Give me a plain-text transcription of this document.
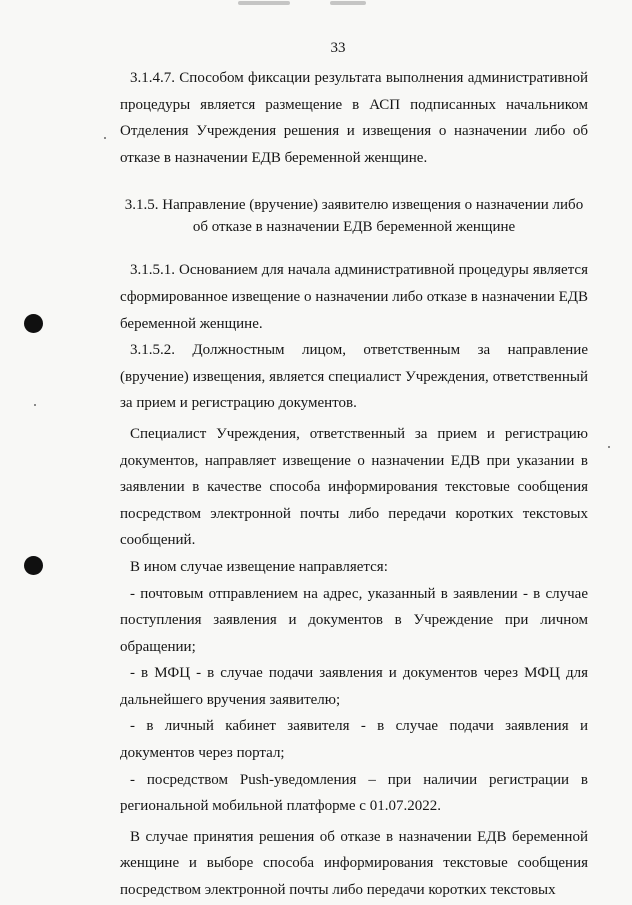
33

3.1.4.7. Способом фиксации результата выполнения административной процедуры является размещение в АСП подписанных начальником Отделения Учреждения решения и извещения о назначении либо об отказе в назначении ЕДВ беременной женщине.

3.1.5. Направление (вручение) заявителю извещения о назначении либо
об отказе в назначении ЕДВ беременной женщине

3.1.5.1. Основанием для начала административной процедуры является сформированное извещение о назначении либо отказе в назначении ЕДВ беременной женщине.

3.1.5.2. Должностным лицом, ответственным за направление (вручение) извещения, является специалист Учреждения, ответственный за прием и регистрацию документов.

Специалист Учреждения, ответственный за прием и регистрацию документов, направляет извещение о назначении ЕДВ при указании в заявлении в качестве способа информирования текстовые сообщения посредством электронной почты либо передачи коротких текстовых сообщений.

В ином случае извещение направляется:

- почтовым отправлением на адрес, указанный в заявлении - в случае поступления заявления и документов в Учреждение при личном обращении;

- в МФЦ - в случае подачи заявления и документов через МФЦ для дальнейшего вручения заявителю;

- в личный кабинет заявителя - в случае подачи заявления и документов через портал;

- посредством Push-уведомления – при наличии регистрации в региональной мобильной платформе с 01.07.2022.

В случае принятия решения об отказе в назначении ЕДВ беременной женщине и выборе способа информирования текстовые сообщения посредством электронной почты либо передачи коротких текстовых
